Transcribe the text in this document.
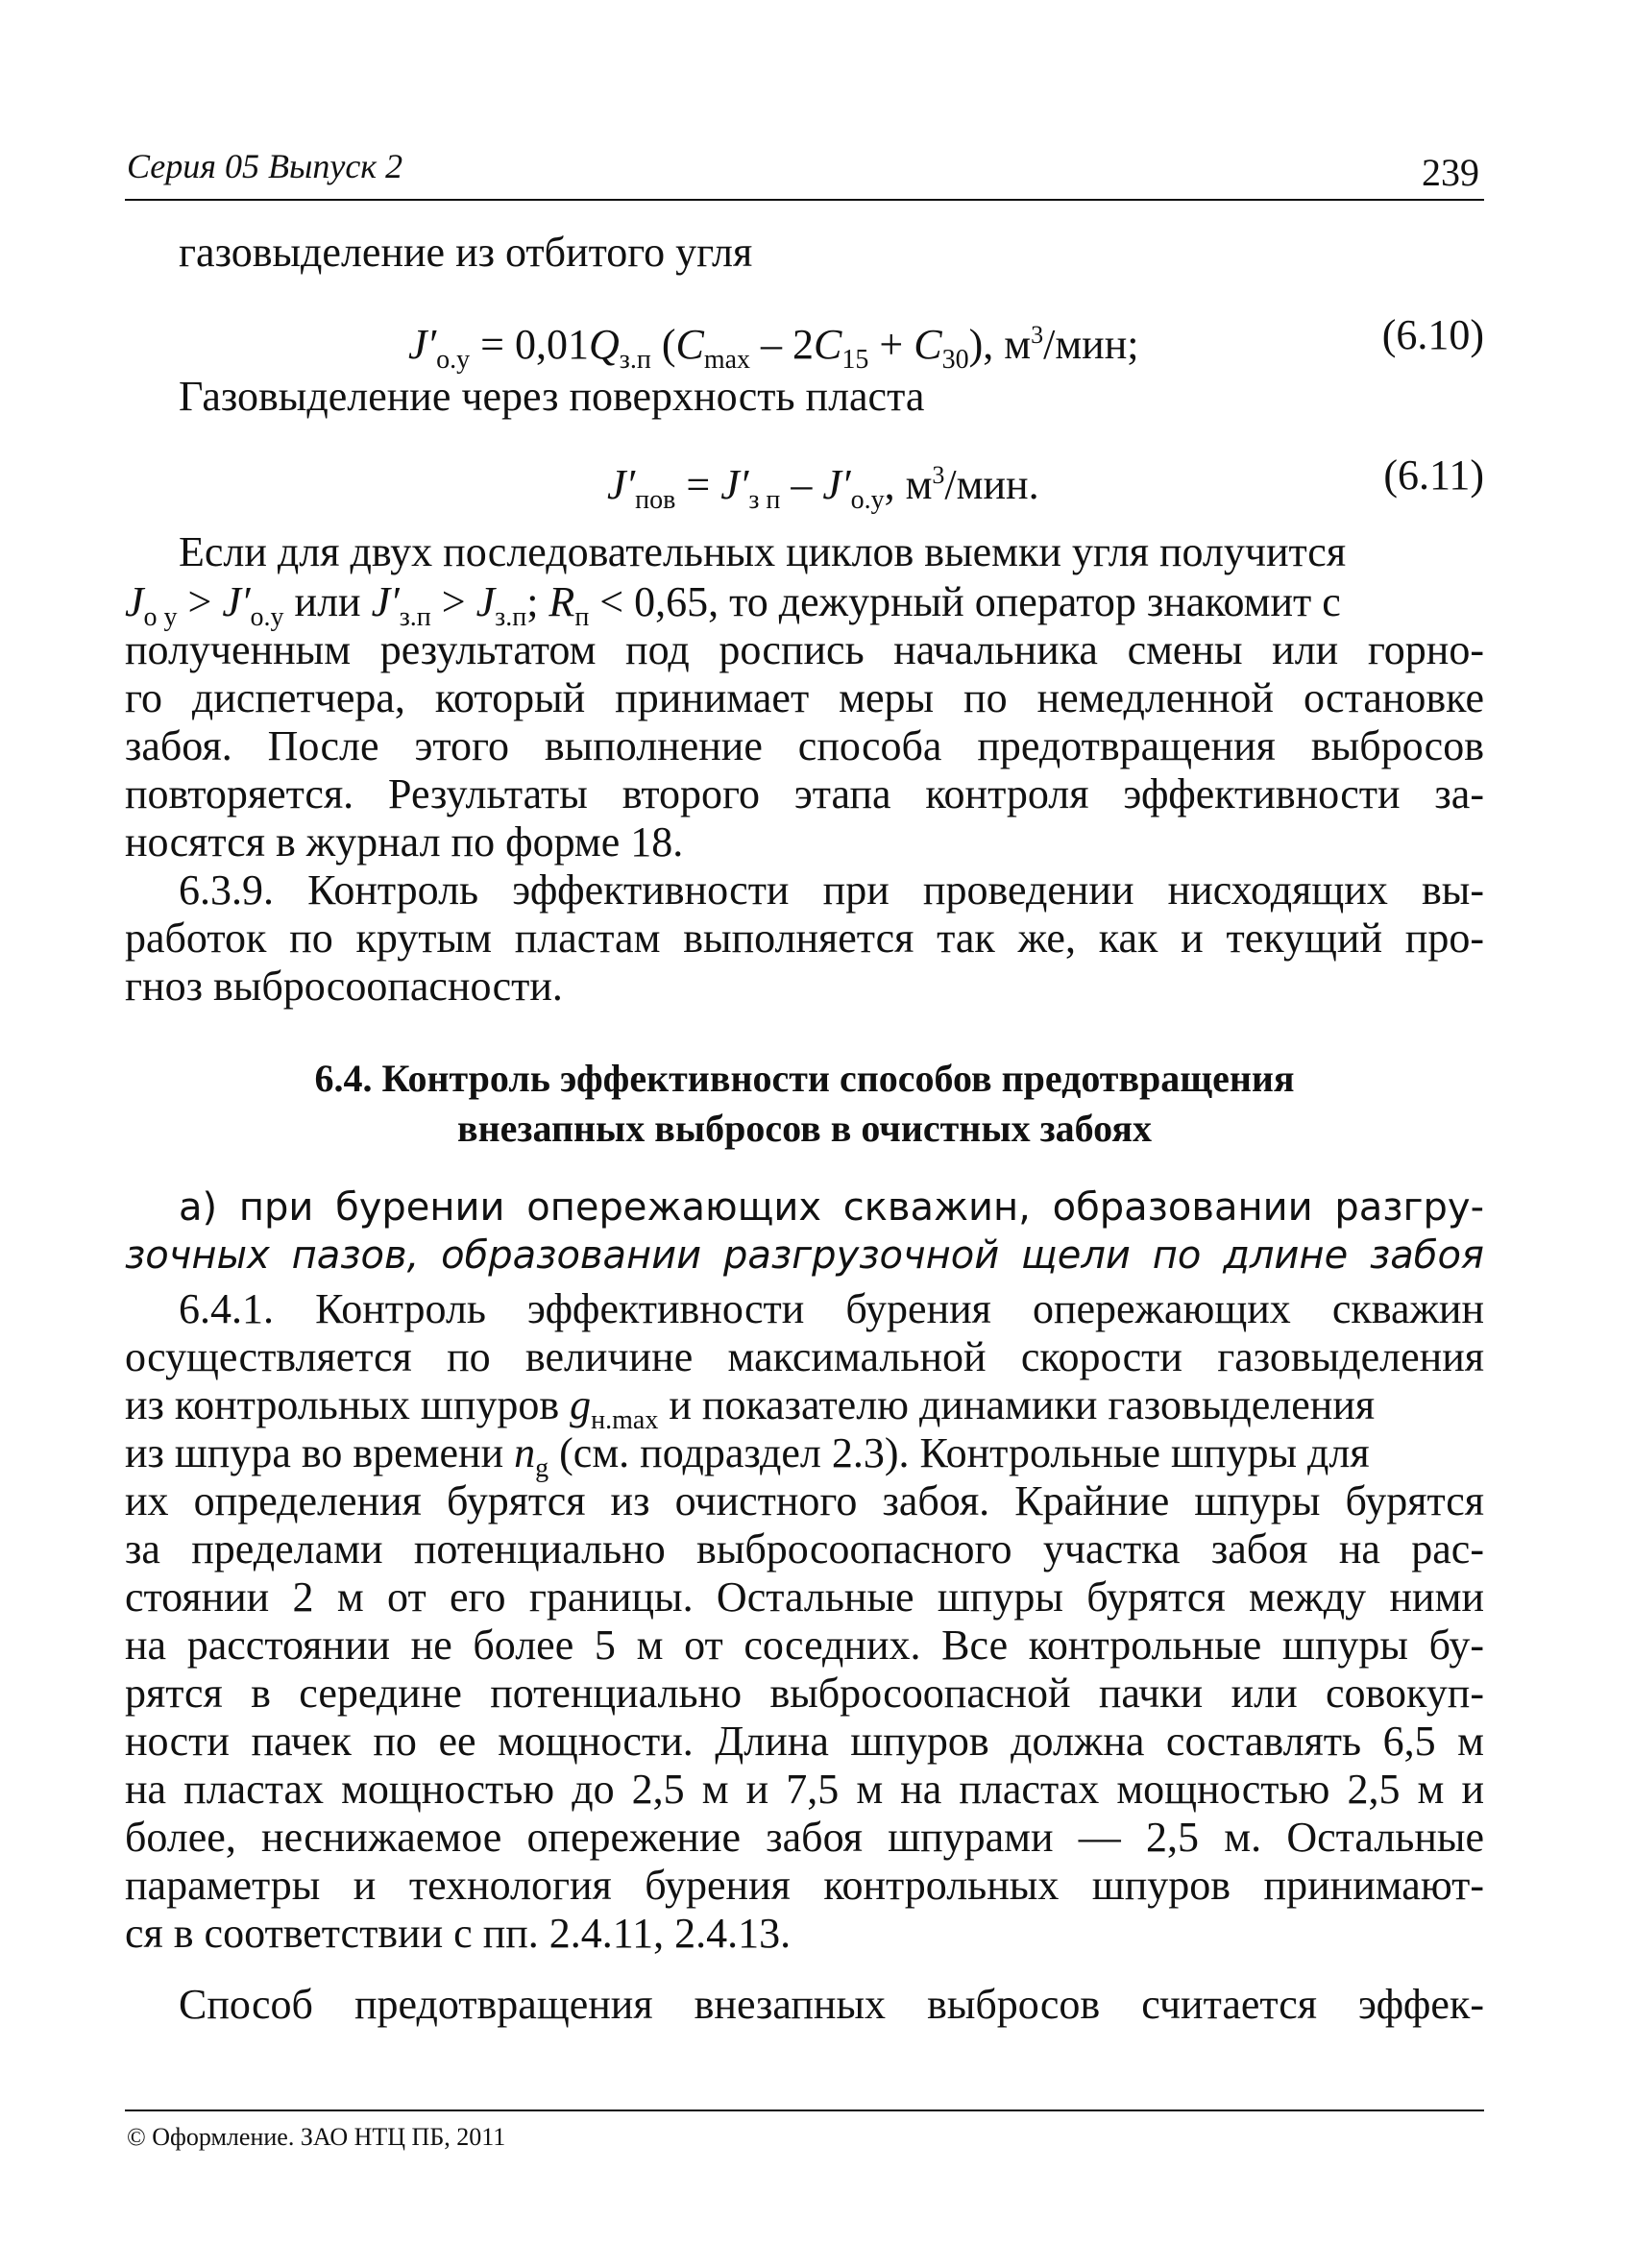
Серия 05 Выпуск 2	239
газовыделение из отбитого угля
$J'_{о.у} = 0,01Q_{з.п}$ $(C_{max} - 2C_{15} + C_{30})$, $м^3$/мин;	(6.10)
Газовыделение через поверхность пласта
$J'_{пов} = J'_{з п} - J'_{о.у}$, $м^3$/мин.	(6.11)
Если для двух последовательных циклов выемки угля получится
$J_{о у} > J'_{о.у}$ или $J'_{з.п} > J_{з.п}$; $R_п < 0,65$, то дежурный оператор знакомит с
полученным результатом под роспись начальника смены или горно-
го диспетчера, который принимает меры по немедленной остановке
забоя. После этого выполнение способа предотвращения выбросов
повторяется. Результаты второго этапа контроля эффективности за-
носятся в журнал по форме 18.
6.3.9. Контроль эффективности при проведении нисходящих вы-
работок по крутым пластам выполняется так же, как и текущий про-
гноз выбросоопасности.
6.4. Контроль эффективности способов предотвращения
внезапных выбросов в очистных забоях
а) при бурении опережающих скважин, образовании разгру-
зочных пазов, образовании разгрузочной щели по длине забоя
6.4.1. Контроль эффективности бурения опережающих скважин
осуществляется по величине максимальной скорости газовыделения
из контрольных шпуров $g_{н.max}$ и показателю динамики газовыделения
из шпура во времени $n_g$ (см. подраздел 2.3). Контрольные шпуры для
их определения бурятся из очистного забоя. Крайние шпуры бурятся
за пределами потенциально выбросоопасного участка забоя на рас-
стоянии 2 м от его границы. Остальные шпуры бурятся между ними
на расстоянии не более 5 м от соседних. Все контрольные шпуры бу-
рятся в середине потенциально выбросоопасной пачки или совокуп-
ности пачек по ее мощности. Длина шпуров должна составлять 6,5 м
на пластах мощностью до 2,5 м и 7,5 м на пластах мощностью 2,5 м и
более, неснижаемое опережение забоя шпурами — 2,5 м. Остальные
параметры и технология бурения контрольных шпуров принимают-
ся в соответствии с пп. 2.4.11, 2.4.13.
Способ предотвращения внезапных выбросов считается эффек-
© Оформление. ЗАО НТЦ ПБ, 2011
